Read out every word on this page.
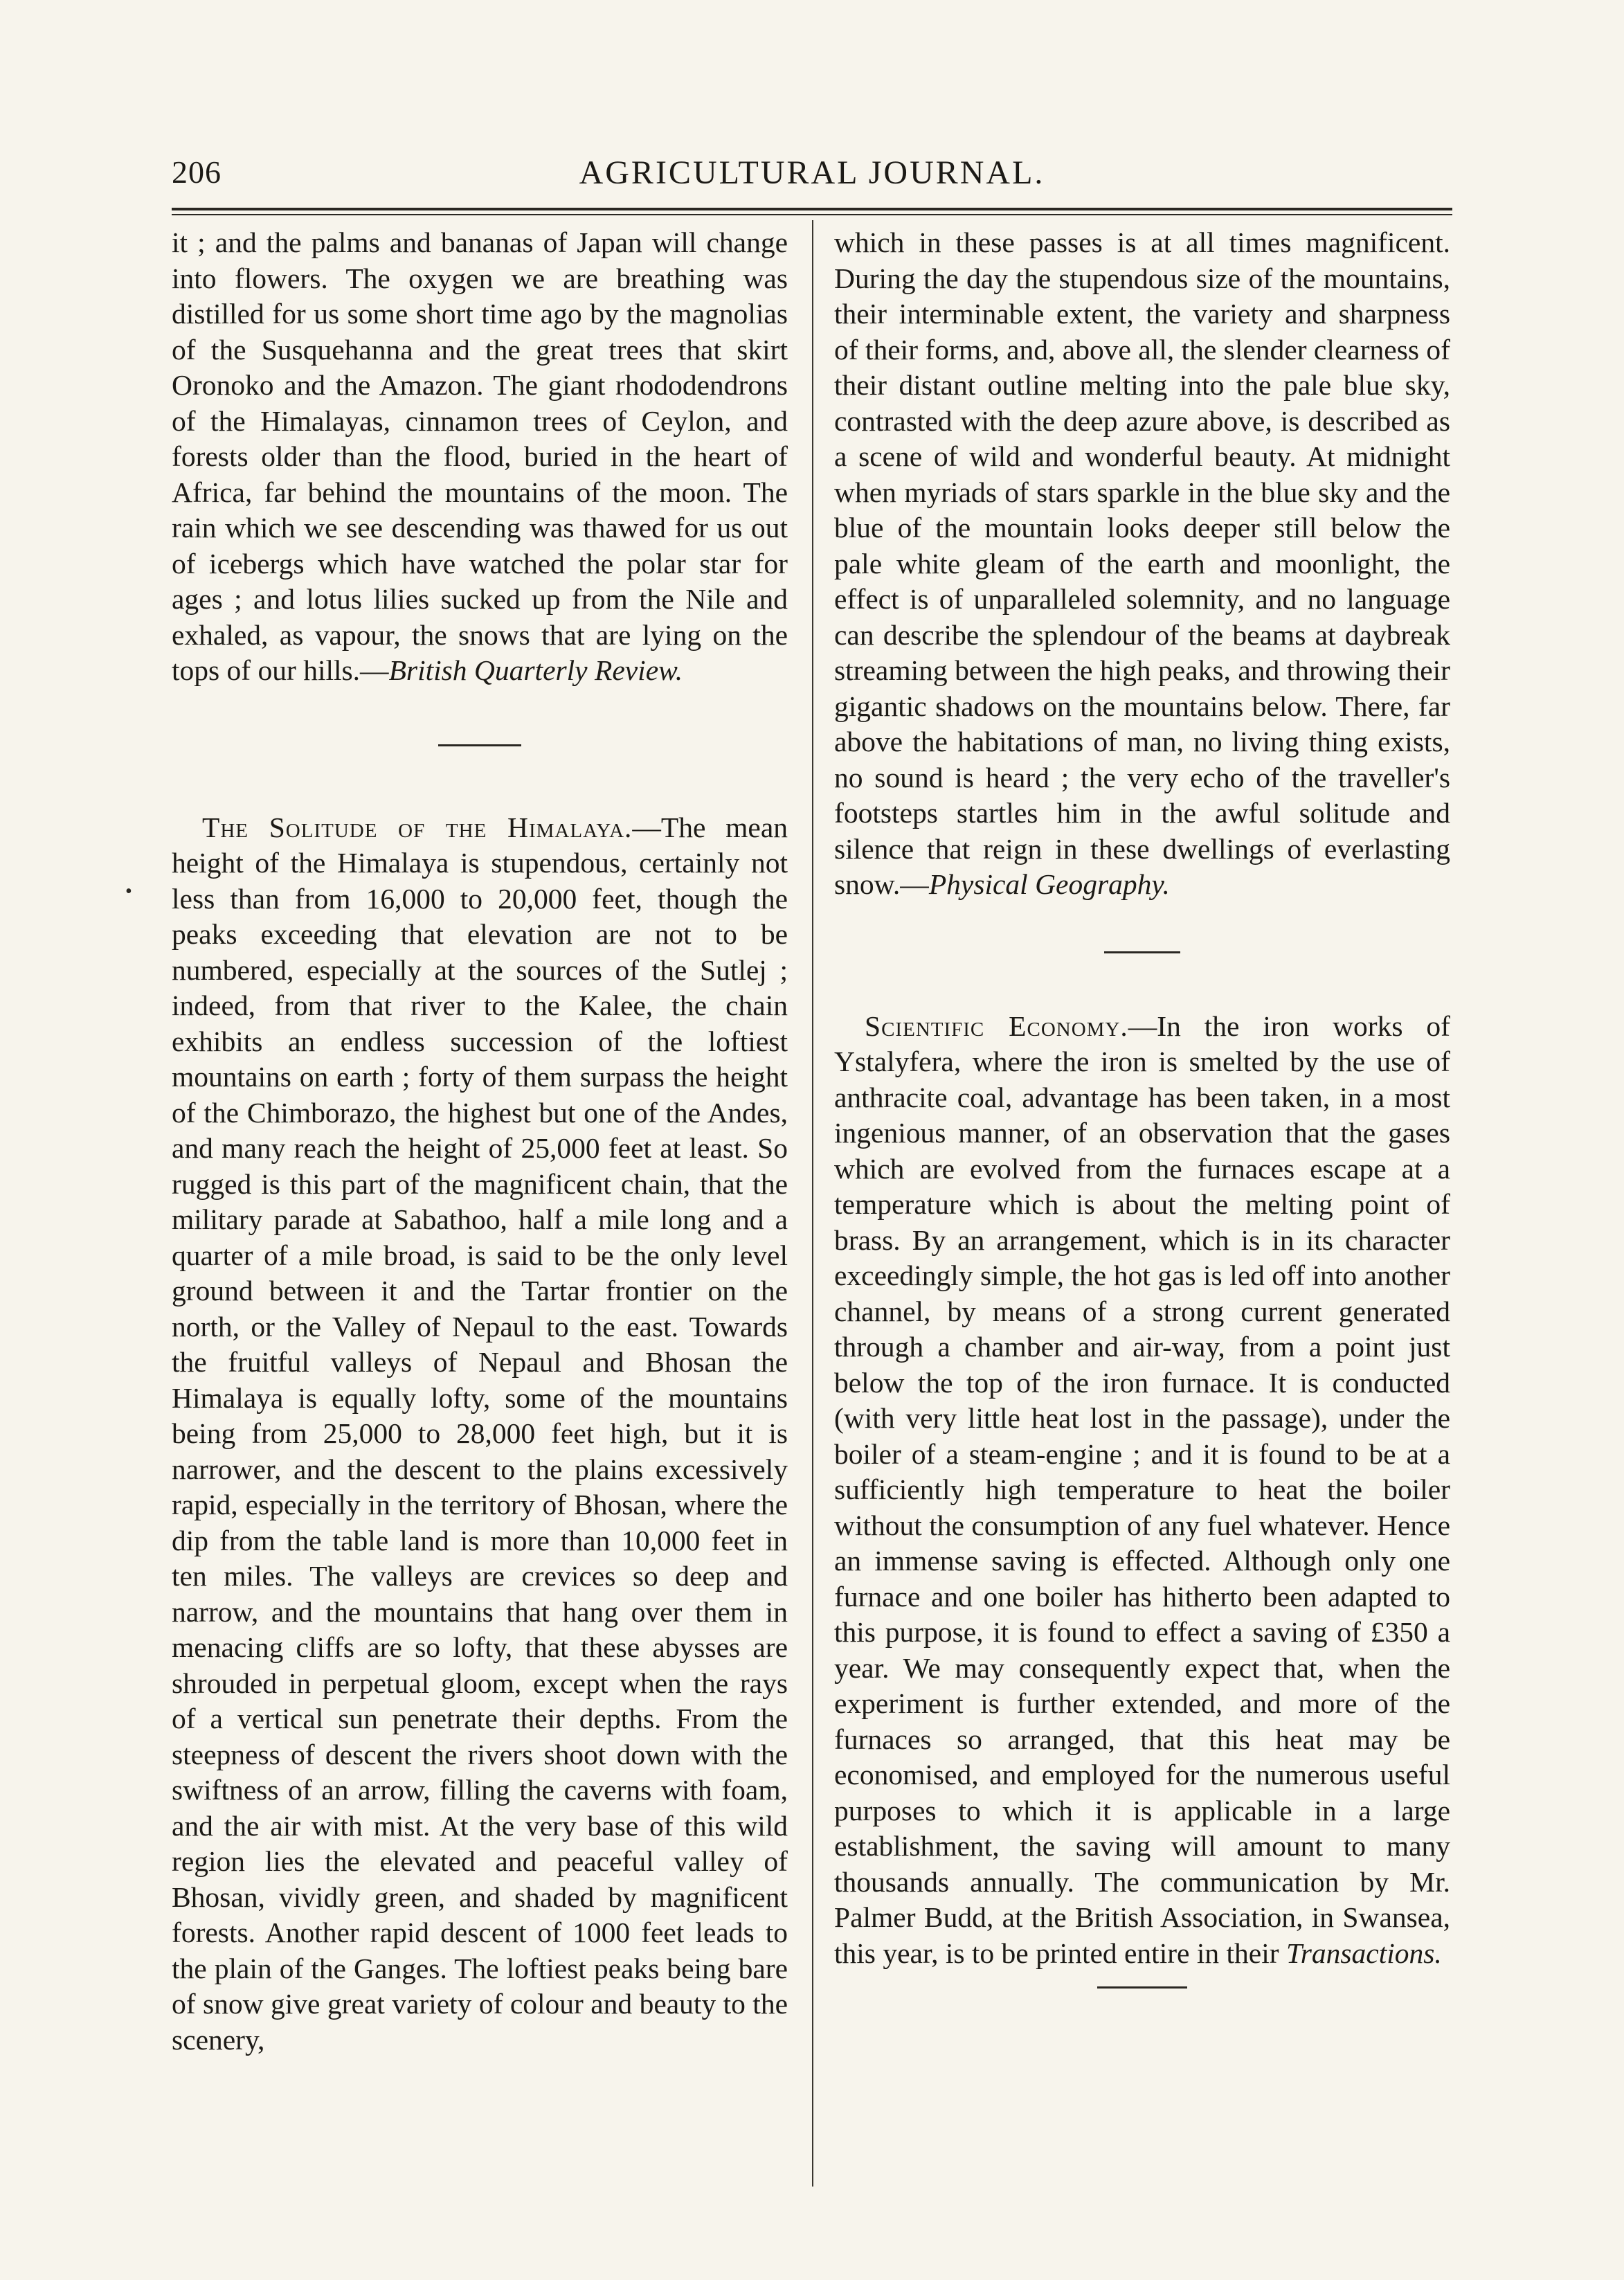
206	AGRICULTURAL JOURNAL.
•

it ; and the palms and bananas of Japan will change into flowers. The oxygen we are breathing was distilled for us some short time ago by the magnolias of the Susquehanna and the great trees that skirt Oronoko and the Amazon. The giant rhododendrons of the Himalayas, cinnamon trees of Ceylon, and forests older than the flood, buried in the heart of Africa, far behind the mountains of the moon. The rain which we see descending was thawed for us out of icebergs which have watched the polar star for ages ; and lotus lilies sucked up from the Nile and exhaled, as vapour, the snows that are lying on the tops of our hills.—British Quarterly Review.

The Solitude of the Himalaya.—The mean height of the Himalaya is stupendous, certainly not less than from 16,000 to 20,000 feet, though the peaks exceeding that elevation are not to be numbered, especially at the sources of the Sutlej ; indeed, from that river to the Kalee, the chain exhibits an endless succession of the loftiest mountains on earth ; forty of them surpass the height of the Chimborazo, the highest but one of the Andes, and many reach the height of 25,000 feet at least. So rugged is this part of the magnificent chain, that the military parade at Sabathoo, half a mile long and a quarter of a mile broad, is said to be the only level ground between it and the Tartar frontier on the north, or the Valley of Nepaul to the east. Towards the fruitful valleys of Nepaul and Bhosan the Himalaya is equally lofty, some of the mountains being from 25,000 to 28,000 feet high, but it is narrower, and the descent to the plains excessively rapid, especially in the territory of Bhosan, where the dip from the table land is more than 10,000 feet in ten miles. The valleys are crevices so deep and narrow, and the mountains that hang over them in menacing cliffs are so lofty, that these abysses are shrouded in perpetual gloom, except when the rays of a vertical sun penetrate their depths. From the steepness of descent the rivers shoot down with the swiftness of an arrow, filling the caverns with foam, and the air with mist. At the very base of this wild region lies the elevated and peaceful valley of Bhosan, vividly green, and shaded by magnificent forests. Another rapid descent of 1000 feet leads to the plain of the Ganges. The loftiest peaks being bare of snow give great variety of colour and beauty to the scenery,

which in these passes is at all times magnificent. During the day the stupendous size of the mountains, their interminable extent, the variety and sharpness of their forms, and, above all, the slender clearness of their distant outline melting into the pale blue sky, contrasted with the deep azure above, is described as a scene of wild and wonderful beauty. At midnight when myriads of stars sparkle in the blue sky and the blue of the mountain looks deeper still below the pale white gleam of the earth and moonlight, the effect is of unparalleled solemnity, and no language can describe the splendour of the beams at daybreak streaming between the high peaks, and throwing their gigantic shadows on the mountains below. There, far above the habitations of man, no living thing exists, no sound is heard ; the very echo of the traveller's footsteps startles him in the awful solitude and silence that reign in these dwellings of everlasting snow.—Physical Geography.

Scientific Economy.—In the iron works of Ystalyfera, where the iron is smelted by the use of anthracite coal, advantage has been taken, in a most ingenious manner, of an observation that the gases which are evolved from the furnaces escape at a temperature which is about the melting point of brass. By an arrangement, which is in its character exceedingly simple, the hot gas is led off into another channel, by means of a strong current generated through a chamber and air-way, from a point just below the top of the iron furnace. It is conducted (with very little heat lost in the passage), under the boiler of a steam-engine ; and it is found to be at a sufficiently high temperature to heat the boiler without the consumption of any fuel whatever. Hence an immense saving is effected. Although only one furnace and one boiler has hitherto been adapted to this purpose, it is found to effect a saving of £350 a year. We may consequently expect that, when the experiment is further extended, and more of the furnaces so arranged, that this heat may be economised, and employed for the numerous useful purposes to which it is applicable in a large establishment, the saving will amount to many thousands annually. The communication by Mr. Palmer Budd, at the British Association, in Swansea, this year, is to be printed entire in their Transactions.
